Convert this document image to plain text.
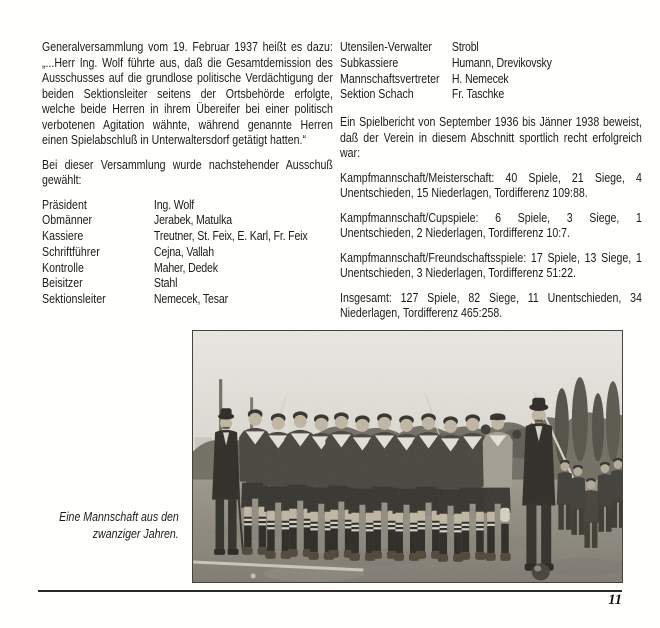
Generalversammlung vom 19. Februar 1937 heißt es dazu: „...Herr Ing. Wolf führte aus, daß die Gesamtdemission des Ausschusses auf die grundlose politische Verdächtigung der beiden Sektionsleiter seitens der Ortsbehörde erfolgte, welche beide Herren in ihrem Übereifer bei einer politisch verbotenen Agitation wähnte, während genannte Herren einen Spielabschluß in Unterwaltersdorf getätigt hatten.“

Bei dieser Versammlung wurde nachstehender Ausschuß gewählt:

Präsident	Ing. Wolf
Obmänner	Jerabek, Matulka
Kassiere	Treutner, St. Feix, E. Karl, Fr. Feix
Schriftführer	Cejna, Vallah
Kontrolle	Maher, Dedek
Beisitzer	Stahl
Sektionsleiter	Nemecek, Tesar
Utensilen-Verwalter	Strobl
Subkassiere	Humann, Drevikovsky
Mannschaftsvertreter H. Nemecek
Sektion Schach	Fr. Taschke

Ein Spielbericht von September 1936 bis Jänner 1938 beweist, daß der Verein in diesem Abschnitt sportlich recht erfolgreich war:

Kampfmannschaft/Meisterschaft: 40 Spiele, 21 Siege, 4 Unentschieden, 15 Niederlagen, Tordifferenz 109:88.

Kampfmannschaft/Cupspiele: 6 Spiele, 3 Siege, 1 Unentschieden, 2 Niederlagen, Tordifferenz 10:7.

Kampfmannschaft/Freundschaftsspiele: 17 Spiele, 13 Siege, 1 Unentschieden, 3 Niederlagen, Tordifferenz 51:22.

Insgesamt: 127 Spiele, 82 Siege, 11 Unentschieden, 34 Niederlagen, Tordifferenz 465:258.

Eine Mannschaft aus den zwanziger Jahren.
11
